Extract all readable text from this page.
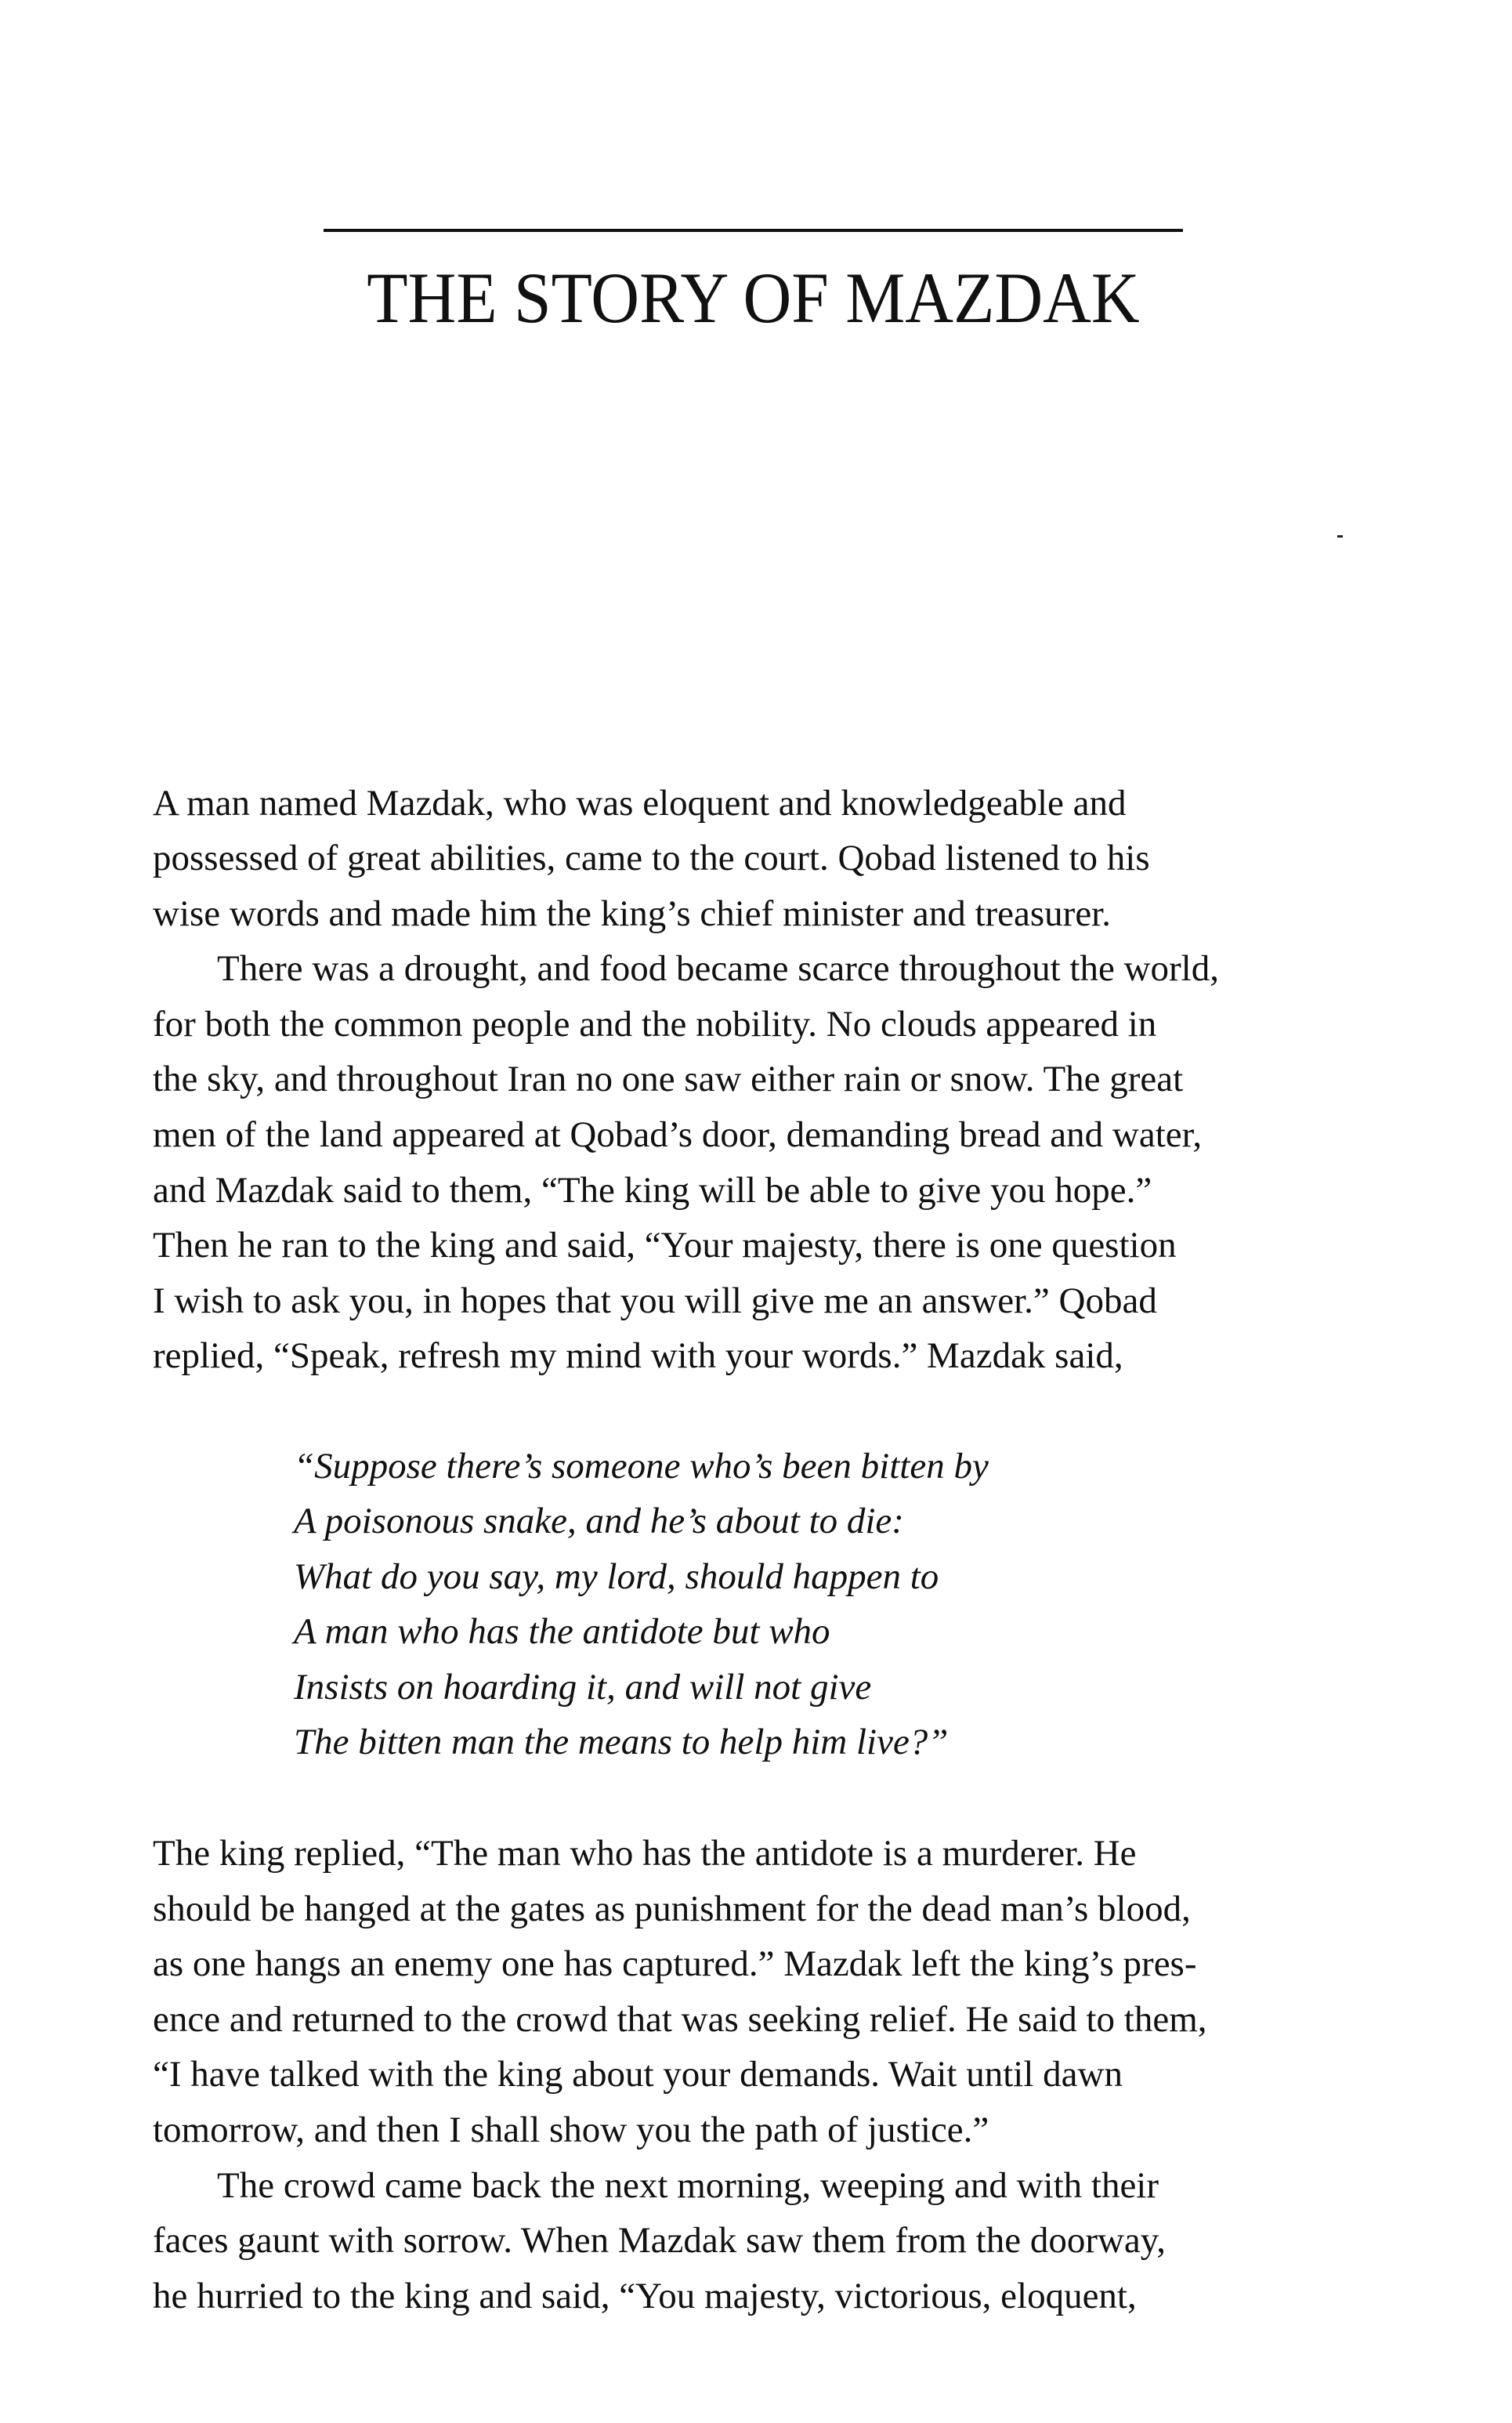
THE STORY OF MAZDAK
A man named Mazdak, who was eloquent and knowledgeable and
possessed of great abilities, came to the court. Qobad listened to his
wise words and made him the king’s chief minister and treasurer.
There was a drought, and food became scarce throughout the world,
for both the common people and the nobility. No clouds appeared in
the sky, and throughout Iran no one saw either rain or snow. The great
men of the land appeared at Qobad’s door, demanding bread and water,
and Mazdak said to them, “The king will be able to give you hope.”
Then he ran to the king and said, “Your majesty, there is one question
I wish to ask you, in hopes that you will give me an answer.” Qobad
replied, “Speak, refresh my mind with your words.” Mazdak said,
“Suppose there’s someone who’s been bitten by
A poisonous snake, and he’s about to die:
What do you say, my lord, should happen to
A man who has the antidote but who
Insists on hoarding it, and will not give
The bitten man the means to help him live?”
The king replied, “The man who has the antidote is a murderer. He
should be hanged at the gates as punishment for the dead man’s blood,
as one hangs an enemy one has captured.” Mazdak left the king’s pres-
ence and returned to the crowd that was seeking relief. He said to them,
“I have talked with the king about your demands. Wait until dawn
tomorrow, and then I shall show you the path of justice.”
The crowd came back the next morning, weeping and with their
faces gaunt with sorrow. When Mazdak saw them from the doorway,
he hurried to the king and said, “You majesty, victorious, eloquent,
